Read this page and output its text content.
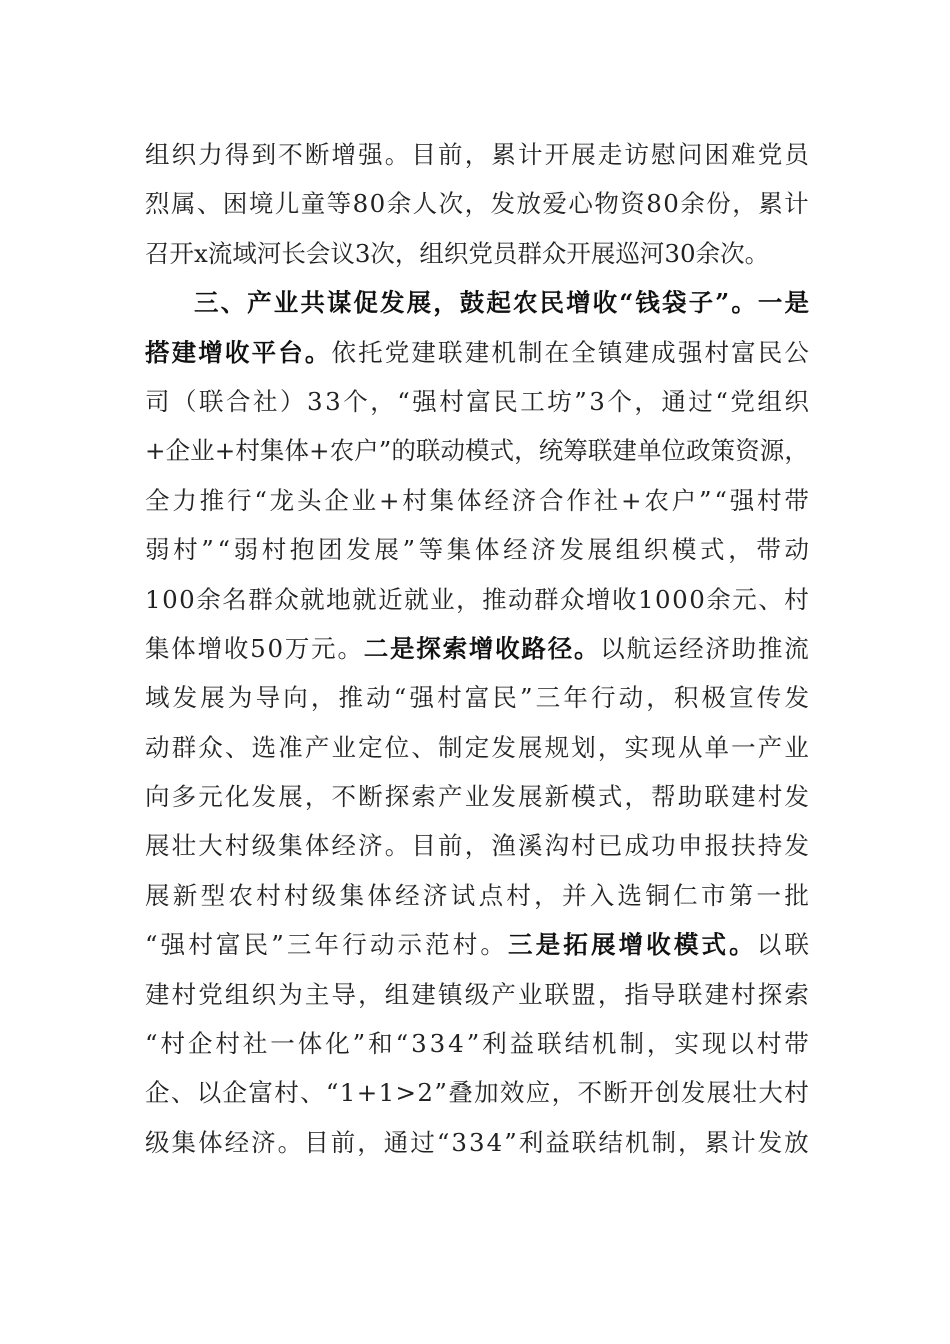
组 织 力 得 到 不 断 增 强 。 目 前 ， 累 计 开 展 走 访 慰 问 困 难 党 员
烈 属 、 困 境 儿 童 等 8 0 余 人 次 ， 发 放 爱 心 物 资 8 0 余 份 ， 累 计
召 开 x 流 域 河 长 会 议 3 次 ， 组 织 党 员 群 众 开 展 巡 河 3 0 余 次 。
三 、 产 业 共 谋 促 发 展 ， 鼓 起 农 民 增 收 “ 钱 袋 子 ” 。 一 是
搭 建 增 收 平 台 。 依 托 党 建 联 建 机 制 在 全 镇 建 成 强 村 富 民 公
司 （ 联 合 社 ） 3 3 个 ， “ 强 村 富 民 工 坊 ” 3 个 ， 通 过 “ 党 组 织
+ 企 业 + 村 集 体 + 农 户 ” 的 联 动 模 式 ， 统 筹 联 建 单 位 政 策 资 源 ，
全 力 推 行 “ 龙 头 企 业 + 村 集 体 经 济 合 作 社 + 农 户 ” “ 强 村 带
弱 村 ” “ 弱 村 抱 团 发 展 ” 等 集 体 经 济 发 展 组 织 模 式 ， 带 动
1 0 0 余 名 群 众 就 地 就 近 就 业 ， 推 动 群 众 增 收 1 0 0 0 余 元 、 村
集 体 增 收 5 0 万 元 。 二 是 探 索 增 收 路 径 。 以 航 运 经 济 助 推 流
域 发 展 为 导 向 ， 推 动 “ 强 村 富 民 ” 三 年 行 动 ， 积 极 宣 传 发
动 群 众 、 选 准 产 业 定 位 、 制 定 发 展 规 划 ， 实 现 从 单 一 产 业
向 多 元 化 发 展 ， 不 断 探 索 产 业 发 展 新 模 式 ， 帮 助 联 建 村 发
展 壮 大 村 级 集 体 经 济 。 目 前 ， 渔 溪 沟 村 已 成 功 申 报 扶 持 发
展 新 型 农 村 村 级 集 体 经 济 试 点 村 ， 并 入 选 铜 仁 市 第 一 批
“ 强 村 富 民 ” 三 年 行 动 示 范 村 。 三 是 拓 展 增 收 模 式 。 以 联
建 村 党 组 织 为 主 导 ， 组 建 镇 级 产 业 联 盟 ， 指 导 联 建 村 探 索
“ 村 企 村 社 一 体 化 ” 和 “ 3 3 4 ” 利 益 联 结 机 制 ， 实 现 以 村 带
企 、 以 企 富 村 、 “ 1 + 1 > 2 ” 叠 加 效 应 ， 不 断 开 创 发 展 壮 大 村
级 集 体 经 济 。 目 前 ， 通 过 “ 3 3 4 ” 利 益 联 结 机 制 ， 累 计 发 放
